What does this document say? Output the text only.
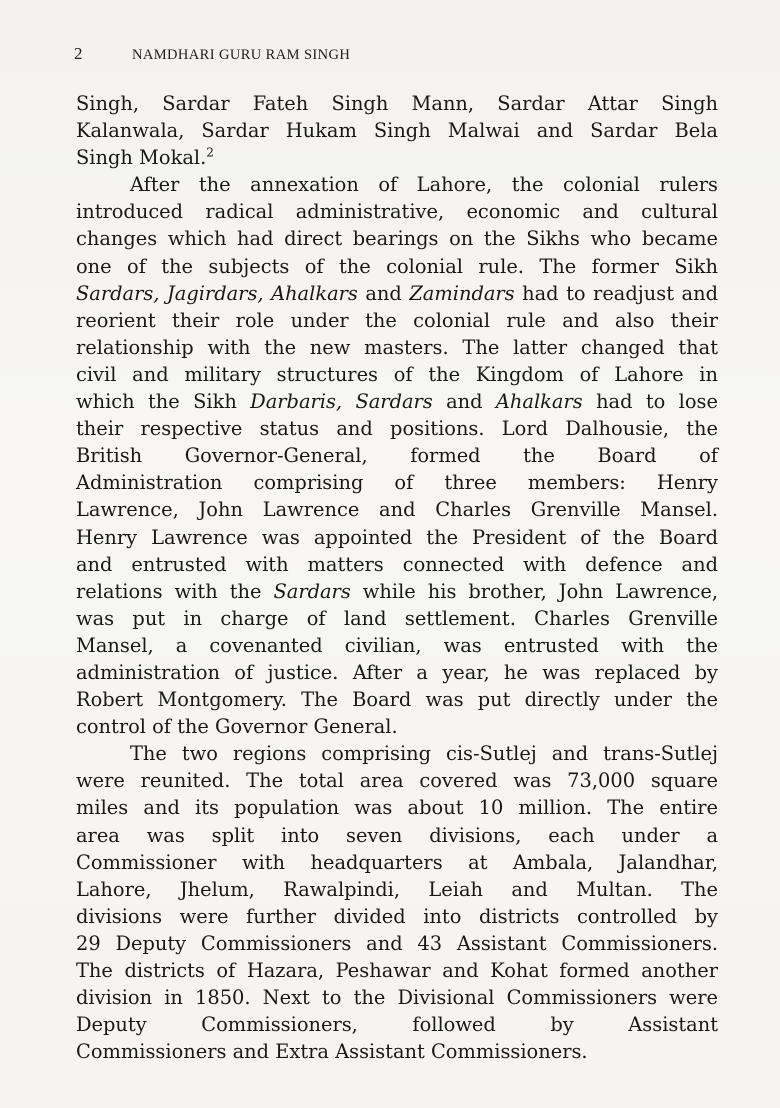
2	NAMDHARI GURU RAM SINGH
Singh, Sardar Fateh Singh Mann, Sardar Attar Singh
Kalanwala, Sardar Hukam Singh Malwai and Sardar Bela
Singh Mokal.$^2$
After the annexation of Lahore, the colonial rulers
introduced radical administrative, economic and cultural
changes which had direct bearings on the Sikhs who became
one of the subjects of the colonial rule. The former Sikh
Sardars, Jagirdars, Ahalkars and Zamindars had to readjust and
reorient their role under the colonial rule and also their
relationship with the new masters. The latter changed that
civil and military structures of the Kingdom of Lahore in
which the Sikh Darbaris, Sardars and Ahalkars had to lose
their respective status and positions. Lord Dalhousie, the
British Governor-General, formed the Board of
Administration comprising of three members: Henry
Lawrence, John Lawrence and Charles Grenville Mansel.
Henry Lawrence was appointed the President of the Board
and entrusted with matters connected with defence and
relations with the Sardars while his brother, John Lawrence,
was put in charge of land settlement. Charles Grenville
Mansel, a covenanted civilian, was entrusted with the
administration of justice. After a year, he was replaced by
Robert Montgomery. The Board was put directly under the
control of the Governor General.
The two regions comprising cis-Sutlej and trans-Sutlej
were reunited. The total area covered was 73,000 square
miles and its population was about 10 million. The entire
area was split into seven divisions, each under a
Commissioner with headquarters at Ambala, Jalandhar,
Lahore, Jhelum, Rawalpindi, Leiah and Multan. The
divisions were further divided into districts controlled by
29 Deputy Commissioners and 43 Assistant Commissioners.
The districts of Hazara, Peshawar and Kohat formed another
division in 1850. Next to the Divisional Commissioners were
Deputy Commissioners, followed by Assistant
Commissioners and Extra Assistant Commissioners.
